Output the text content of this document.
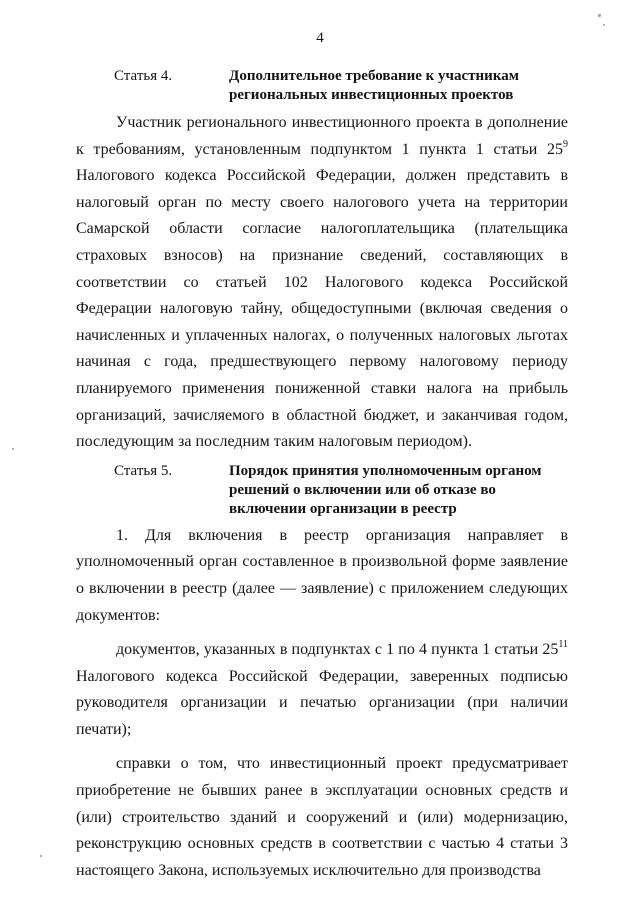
4
Статья 4.	Дополнительное требование к участникам региональных инвестиционных проектов

Участник регионального инвестиционного проекта в дополнение к требованиям, установленным подпунктом 1 пункта 1 статьи $25^9$ Налогового кодекса Российской Федерации, должен представить в налоговый орган по месту своего налогового учета на территории Самарской области согласие налогоплательщика (плательщика страховых взносов) на признание сведений, составляющих в соответствии со статьей 102 Налогового кодекса Российской Федерации налоговую тайну, общедоступными (включая сведения о начисленных и уплаченных налогах, о полученных налоговых льготах начиная с года, предшествующего первому налоговому периоду планируемого применения пониженной ставки налога на прибыль организаций, зачисляемого в областной бюджет, и заканчивая годом, последующим за последним таким налоговым периодом).

Статья 5.	Порядок принятия уполномоченным органом решений о включении или об отказе во включении организации в реестр

1. Для включения в реестр организация направляет в уполномоченный орган составленное в произвольной форме заявление о включении в реестр (далее — заявление) с приложением следующих документов:

документов, указанных в подпунктах с 1 по 4 пункта 1 статьи $25^{11}$ Налогового кодекса Российской Федерации, заверенных подписью руководителя организации и печатью организации (при наличии печати);

справки о том, что инвестиционный проект предусматривает приобретение не бывших ранее в эксплуатации основных средств и (или) строительство зданий и сооружений и (или) модернизацию, реконструкцию основных средств в соответствии с частью 4 статьи 3 настоящего Закона, используемых исключительно для производства
